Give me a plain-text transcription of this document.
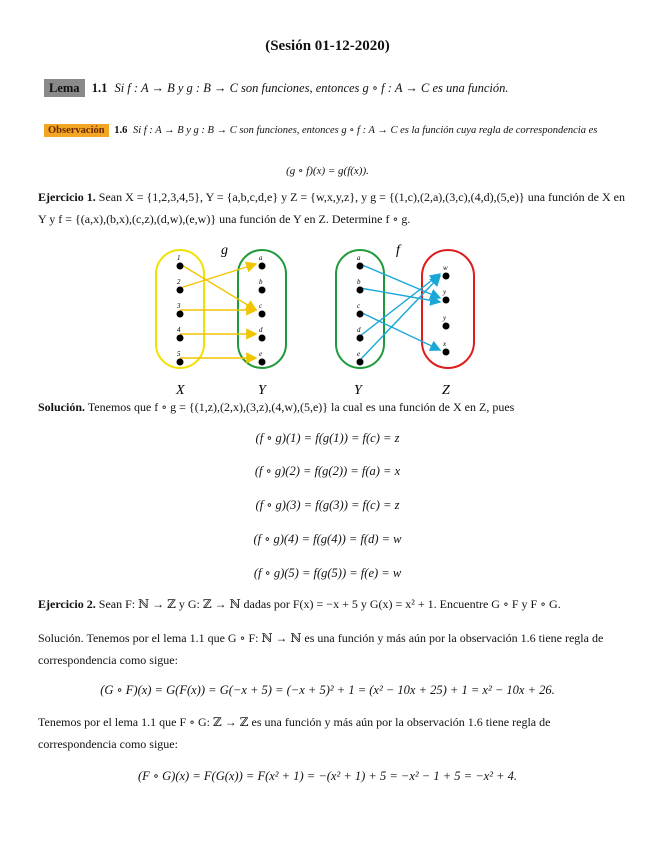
(Sesión 01-12-2020)
Lema 1.1 Si f : A → B y g : B → C son funciones, entonces g ∘ f : A → C es una función.
Observación 1.6 Si f : A → B y g : B → C son funciones, entonces g ∘ f : A → C es la función cuya regla de correspondencia es
(g ∘ f)(x) = g(f(x)).
Ejercicio 1. Sean X = {1,2,3,4,5}, Y = {a,b,c,d,e} y Z = {w,x,y,z}, y g = {(1,c),(2,a),(3,c),(4,d),(5,e)} una función de X en Y y f = {(a,x),(b,x),(c,z),(d,w),(e,w)} una función de Y en Z. Determine f ∘ g.
g	f
1
2
3
4
5
a
b
c
d
e
a
b
c
d
e
w
y
y
x
X	Y	Y	Z
Solución. Tenemos que f ∘ g = {(1,z),(2,x),(3,z),(4,w),(5,e)} la cual es una función de X en Z, pues
(f ∘ g)(1) = f(g(1)) = f(c) = z
(f ∘ g)(2) = f(g(2)) = f(a) = x
(f ∘ g)(3) = f(g(3)) = f(c) = z
(f ∘ g)(4) = f(g(4)) = f(d) = w
(f ∘ g)(5) = f(g(5)) = f(e) = w
Ejercicio 2. Sean F: ℕ → ℤ y G: ℤ → ℕ dadas por F(x) = −x + 5 y G(x) = x² + 1. Encuentre G ∘ F y F ∘ G.
Solución. Tenemos por el lema 1.1 que G ∘ F: ℕ → ℕ es una función y más aún por la observación 1.6 tiene regla de correspondencia como sigue:
(G ∘ F)(x) = G(F(x)) = G(−x + 5) = (−x + 5)² + 1 = (x² − 10x + 25) + 1 = x² − 10x + 26.
Tenemos por el lema 1.1 que F ∘ G: ℤ → ℤ es una función y más aún por la observación 1.6 tiene regla de correspondencia como sigue:
(F ∘ G)(x) = F(G(x)) = F(x² + 1) = −(x² + 1) + 5 = −x² − 1 + 5 = −x² + 4.
